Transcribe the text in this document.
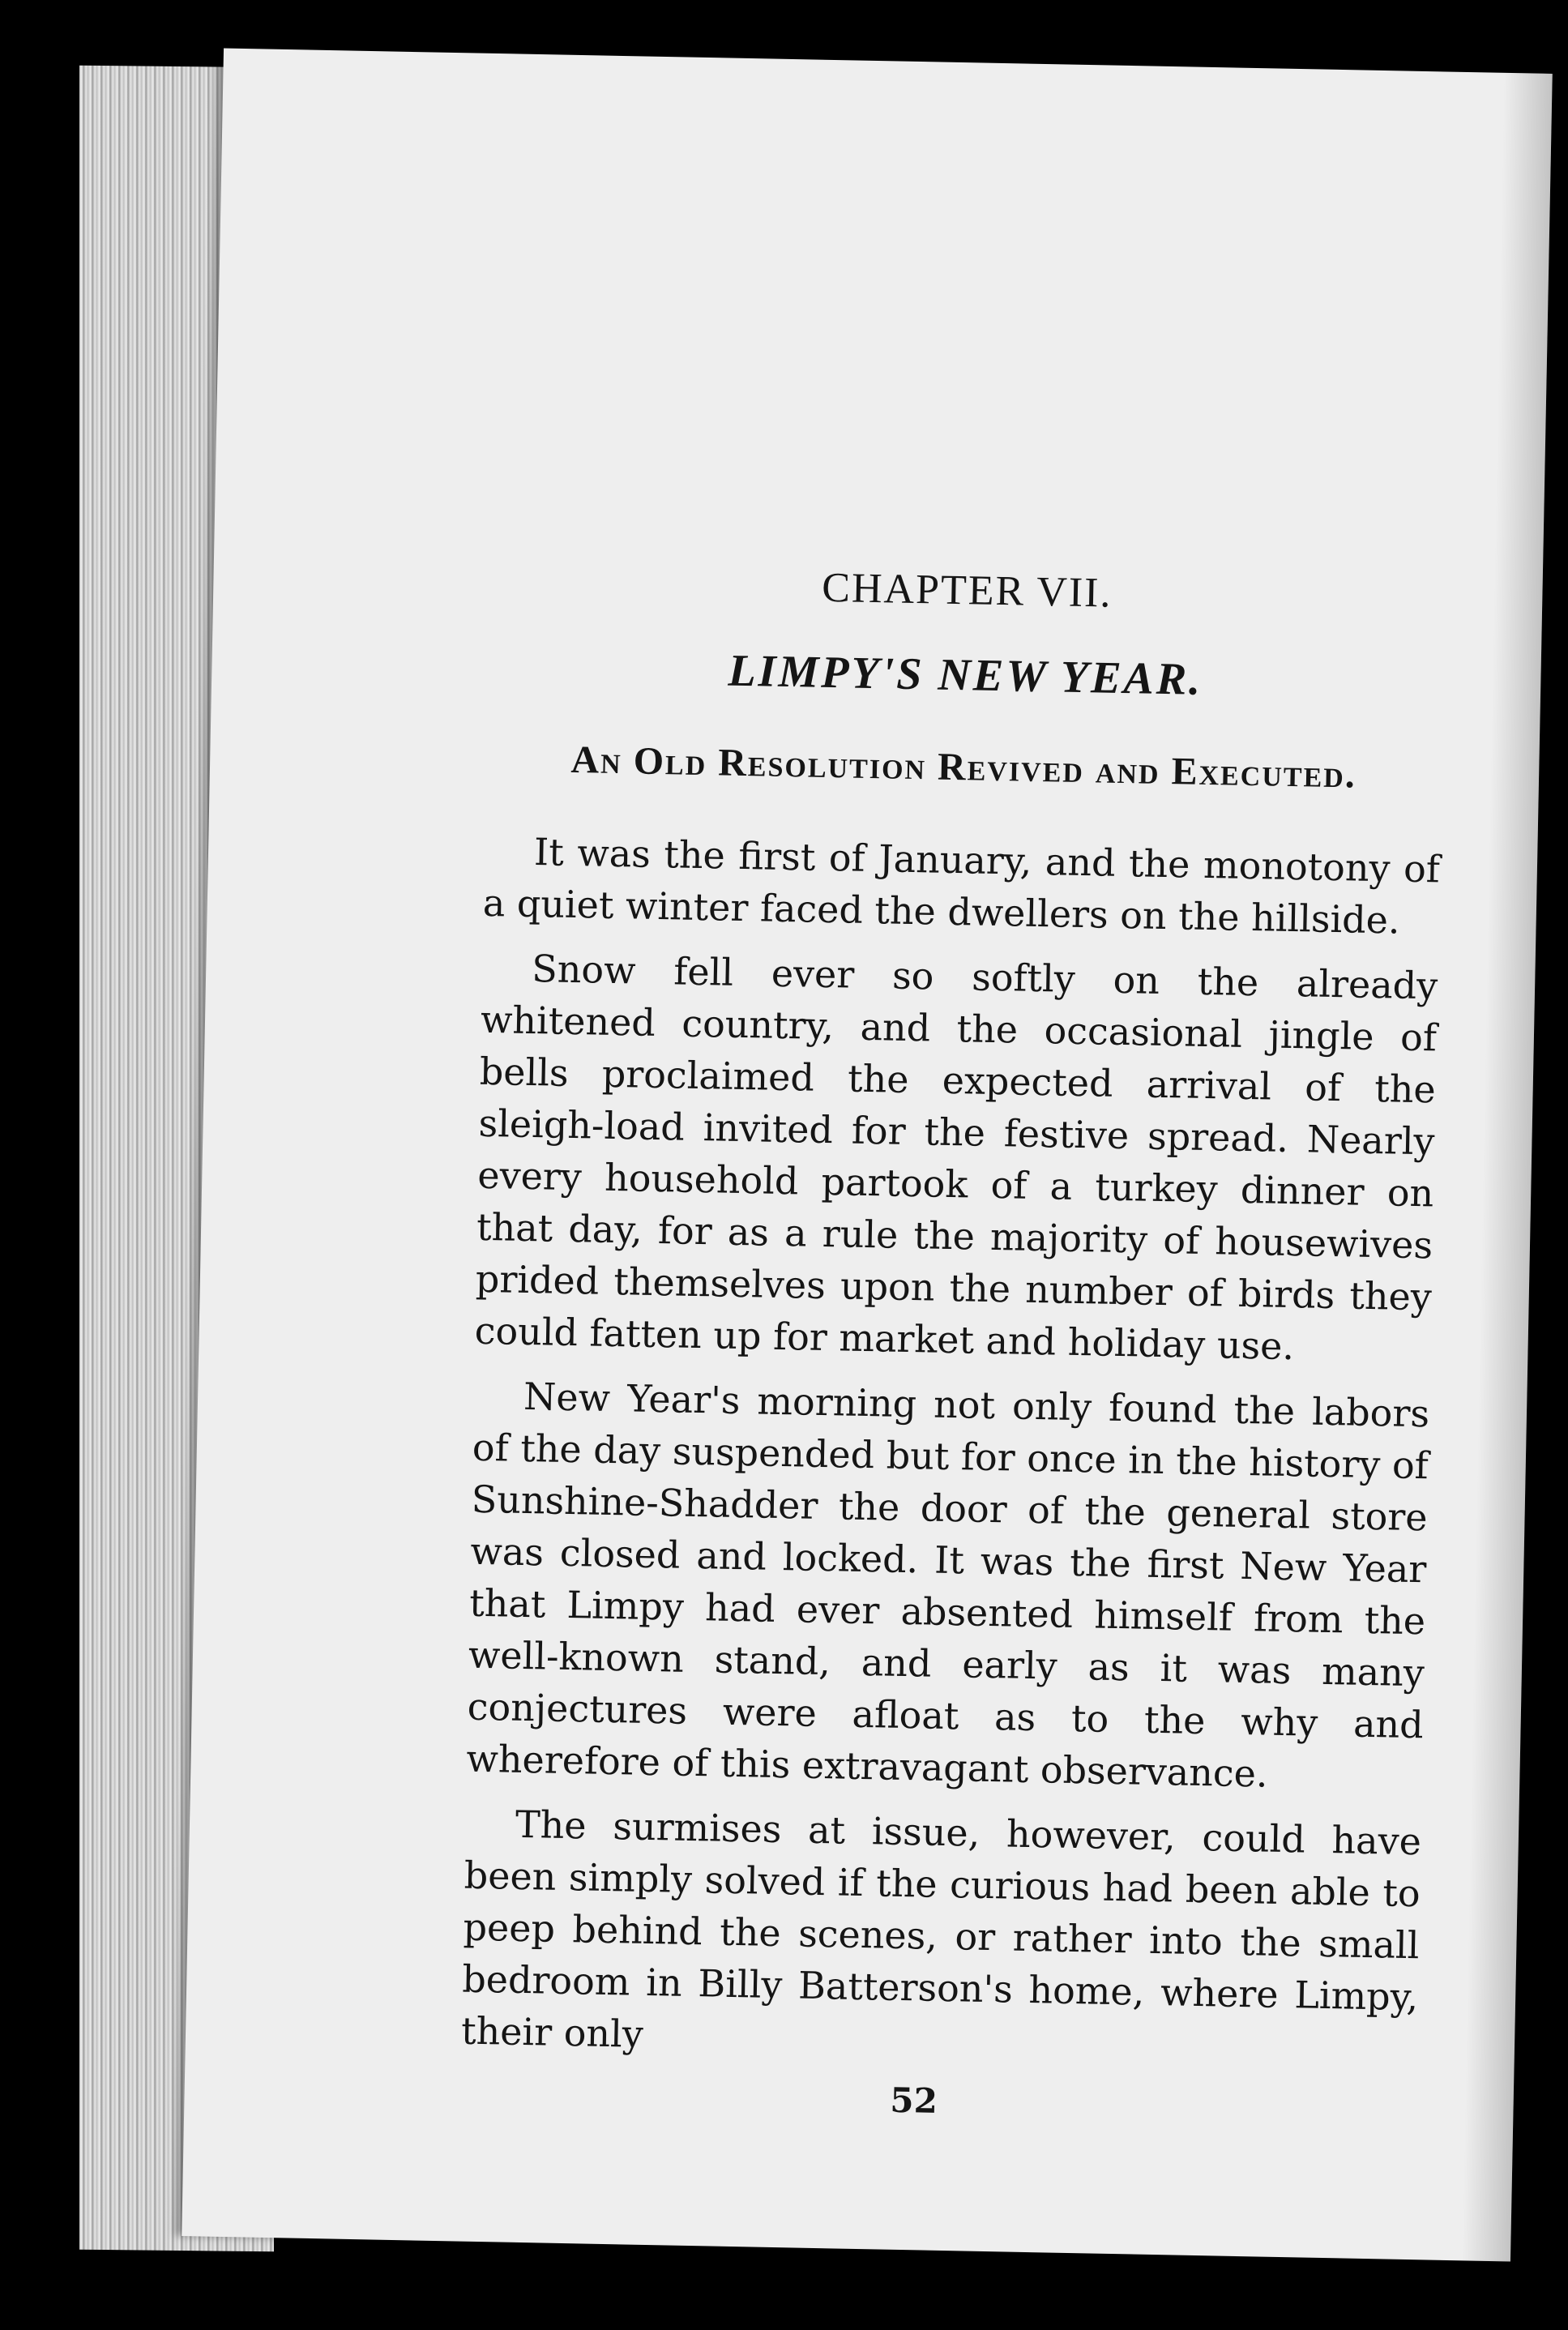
CHAPTER VII.
LIMPY'S NEW YEAR.
An Old Resolution Revived and Executed.

It was the first of January, and the monotony of a quiet winter faced the dwellers on the hillside.

Snow fell ever so softly on the already whitened country, and the occasional jingle of bells proclaimed the expected arrival of the sleigh-load invited for the festive spread. Nearly every household partook of a turkey dinner on that day, for as a rule the majority of housewives prided themselves upon the number of birds they could fatten up for market and holiday use.

New Year's morning not only found the labors of the day suspended but for once in the history of Sunshine-Shadder the door of the general store was closed and locked. It was the first New Year that Limpy had ever absented himself from the well-known stand, and early as it was many conjectures were afloat as to the why and wherefore of this extravagant observance.

The surmises at issue, however, could have been simply solved if the curious had been able to peep behind the scenes, or rather into the small bedroom in Billy Batterson's home, where Limpy, their only

52
